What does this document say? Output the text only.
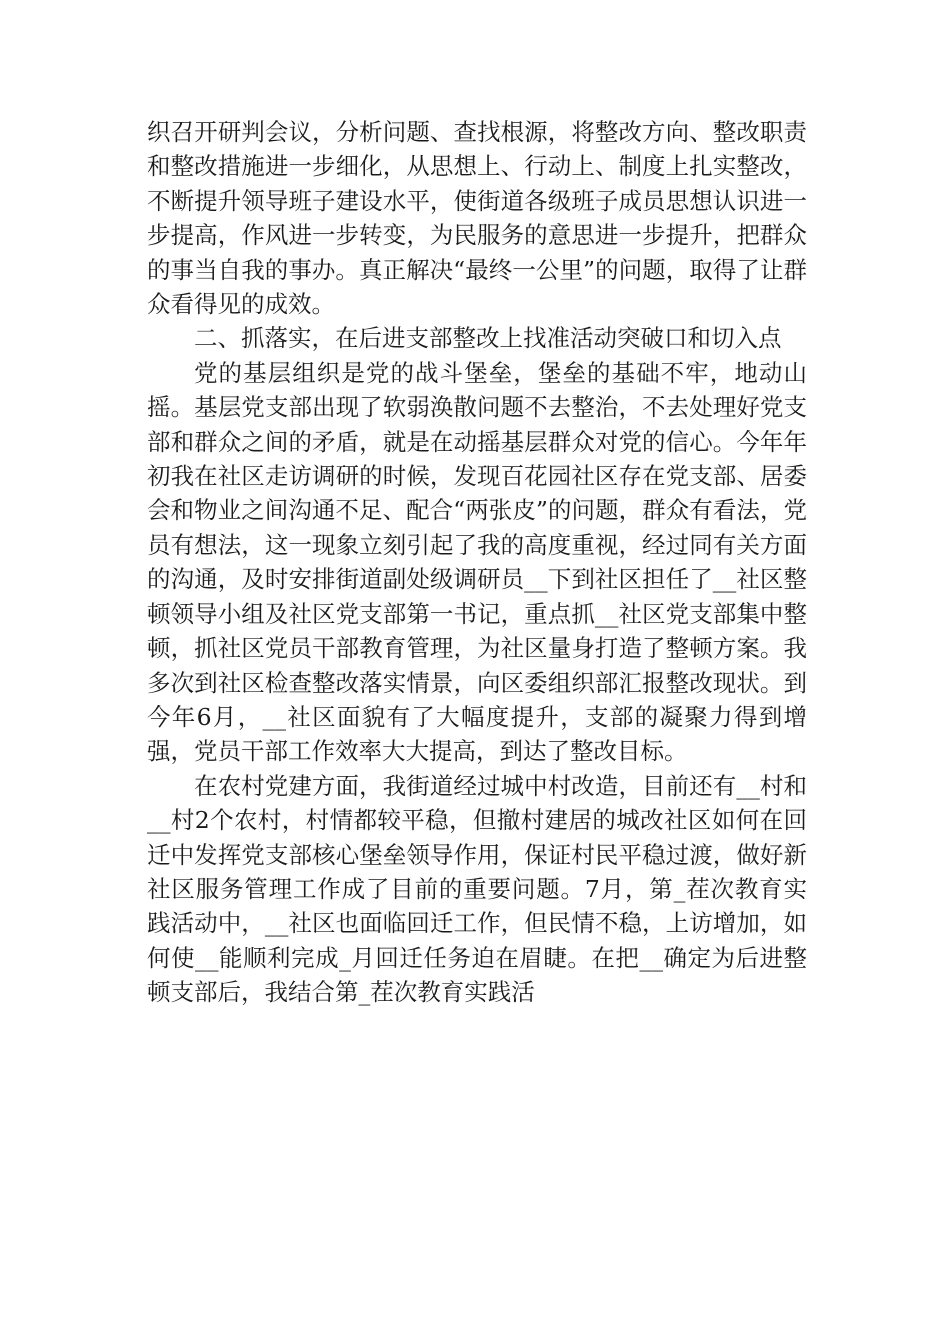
织召开研判会议，分析问题、查找根源，将整改方向、整改职责和整改措施进一步细化，从思想上、行动上、制度上扎实整改，不断提升领导班子建设水平，使街道各级班子成员思想认识进一步提高，作风进一步转变，为民服务的意思进一步提升，把群众的事当自我的事办。真正解决“最终一公里”的问题，取得了让群众看得见的成效。

二、抓落实，在后进支部整改上找准活动突破口和切入点

党的基层组织是党的战斗堡垒，堡垒的基础不牢，地动山摇。基层党支部出现了软弱涣散问题不去整治，不去处理好党支部和群众之间的矛盾，就是在动摇基层群众对党的信心。今年年初我在社区走访调研的时候，发现百花园社区存在党支部、居委会和物业之间沟通不足、配合“两张皮”的问题，群众有看法，党员有想法，这一现象立刻引起了我的高度重视，经过同有关方面的沟通，及时安排街道副处级调研员__下到社区担任了__社区整顿领导小组及社区党支部第一书记，重点抓__社区党支部集中整顿，抓社区党员干部教育管理，为社区量身打造了整顿方案。我多次到社区检查整改落实情景，向区委组织部汇报整改现状。到今年6月，__社区面貌有了大幅度提升，支部的凝聚力得到增强，党员干部工作效率大大提高，到达了整改目标。

在农村党建方面，我街道经过城中村改造，目前还有__村和__村2个农村，村情都较平稳，但撤村建居的城改社区如何在回迁中发挥党支部核心堡垒领导作用，保证村民平稳过渡，做好新社区服务管理工作成了目前的重要问题。7月，第_茬次教育实践活动中，__社区也面临回迁工作，但民情不稳，上访增加，如何使__能顺利完成_月回迁任务迫在眉睫。在把__确定为后进整顿支部后，我结合第_茬次教育实践活
